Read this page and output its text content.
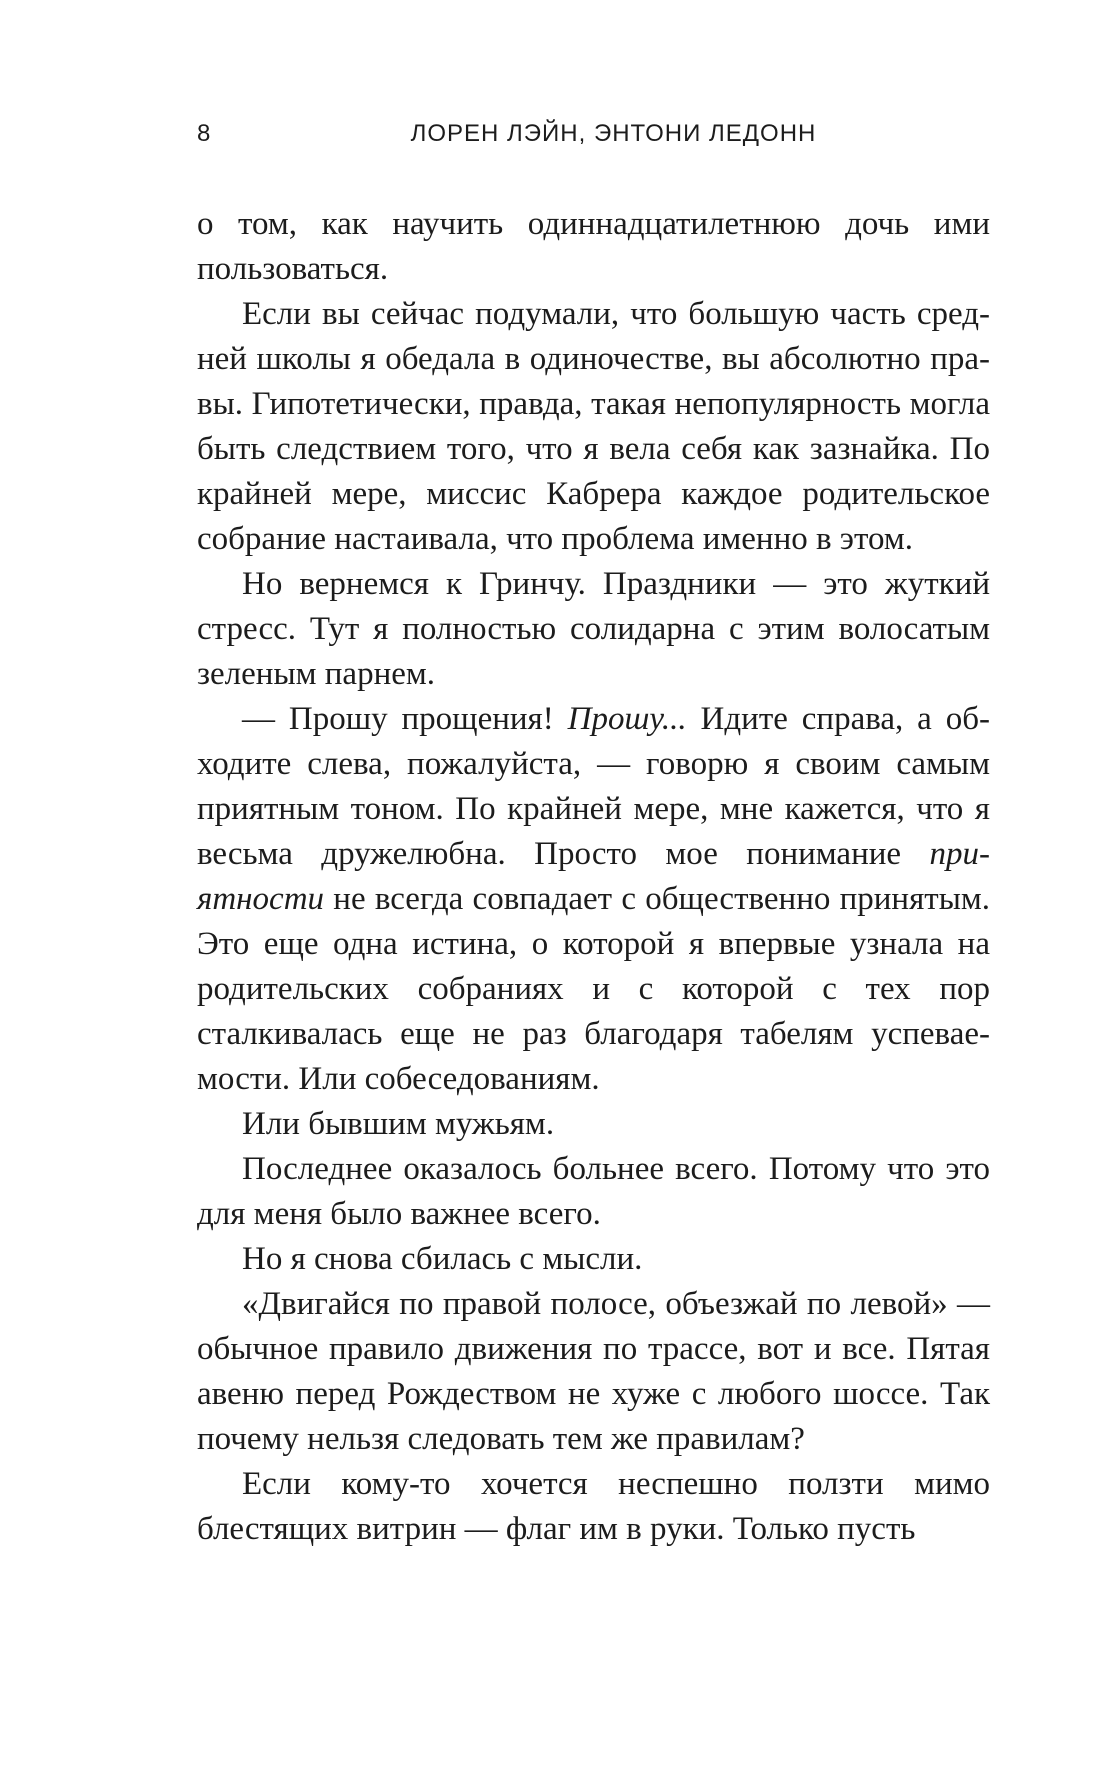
8	ЛОРЕН ЛЭЙН, ЭНТОНИ ЛЕДОНН

о том, как научить одиннадцатилетнюю дочь ими пользоваться.

Если вы сейчас подумали, что большую часть средней школы я обедала в одиночестве, вы абсолютно правы. Гипотетически, правда, такая непопулярность могла быть следствием того, что я вела себя как зазнайка. По крайней мере, миссис Кабрера каждое родительское собрание настаивала, что проблема именно в этом.

Но вернемся к Гринчу. Праздники — это жуткий стресс. Тут я полностью солидарна с этим волосатым зеленым парнем.

— Прошу прощения! Прошу... Идите справа, а обходите слева, пожалуйста, — говорю я своим самым приятным тоном. По крайней мере, мне кажется, что я весьма дружелюбна. Просто мое понимание приятности не всегда совпадает с общественно принятым. Это еще одна истина, о которой я впервые узнала на родительских собраниях и с которой с тех пор сталкивалась еще не раз благодаря табелям успеваемости. Или собеседованиям.

Или бывшим мужьям.

Последнее оказалось больнее всего. Потому что это для меня было важнее всего.

Но я снова сбилась с мысли.

«Двигайся по правой полосе, объезжай по левой» — обычное правило движения по трассе, вот и все. Пятая авеню перед Рождеством не хуже с любого шоссе. Так почему нельзя следовать тем же правилам?

Если кому-то хочется неспешно ползти мимо блестящих витрин — флаг им в руки. Только пусть
